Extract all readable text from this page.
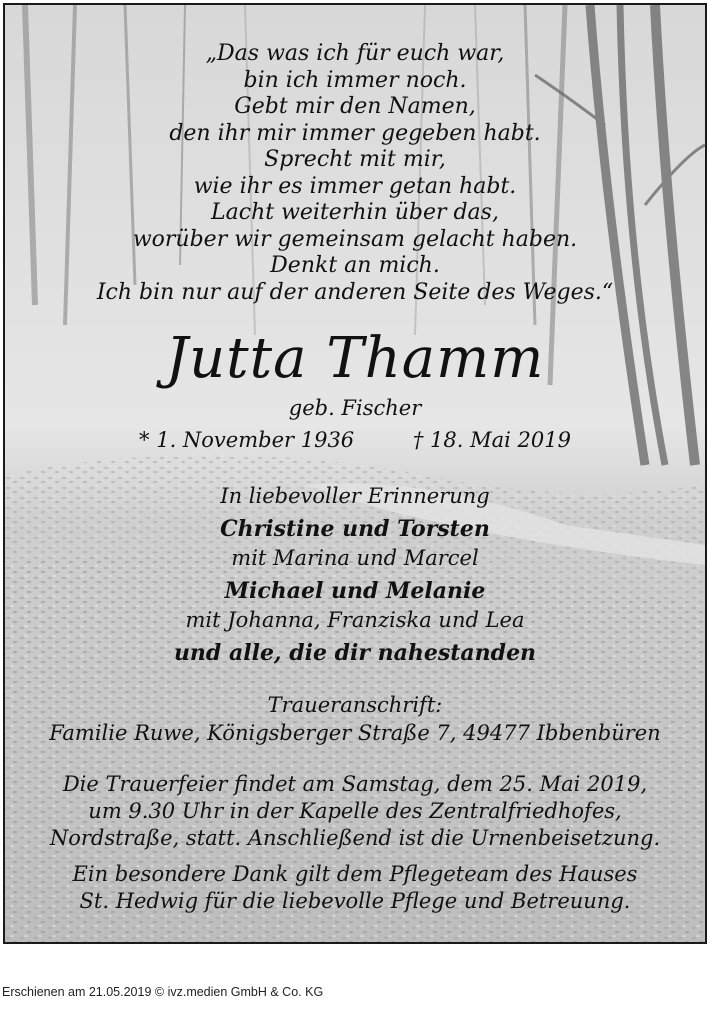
„Das was ich für euch war,
bin ich immer noch.
Gebt mir den Namen,
den ihr mir immer gegeben habt.
Sprecht mit mir,
wie ihr es immer getan habt.
Lacht weiterhin über das,
worüber wir gemeinsam gelacht haben.
Denkt an mich.
Ich bin nur auf der anderen Seite des Weges.“
Jutta Thamm
geb. Fischer
* 1. November 1936	† 18. Mai 2019
In liebevoller Erinnerung
Christine und Torsten
mit Marina und Marcel
Michael und Melanie
mit Johanna, Franziska und Lea
und alle, die dir nahestanden
Traueranschrift:
Familie Ruwe, Königsberger Straße 7, 49477 Ibbenbüren
Die Trauerfeier findet am Samstag, dem 25. Mai 2019,
um 9.30 Uhr in der Kapelle des Zentralfriedhofes,
Nordstraße, statt. Anschließend ist die Urnenbeisetzung.
Ein besondere Dank gilt dem Pflegeteam des Hauses
St. Hedwig für die liebevolle Pflege und Betreuung.
Erschienen am 21.05.2019 © ivz.medien GmbH & Co. KG
